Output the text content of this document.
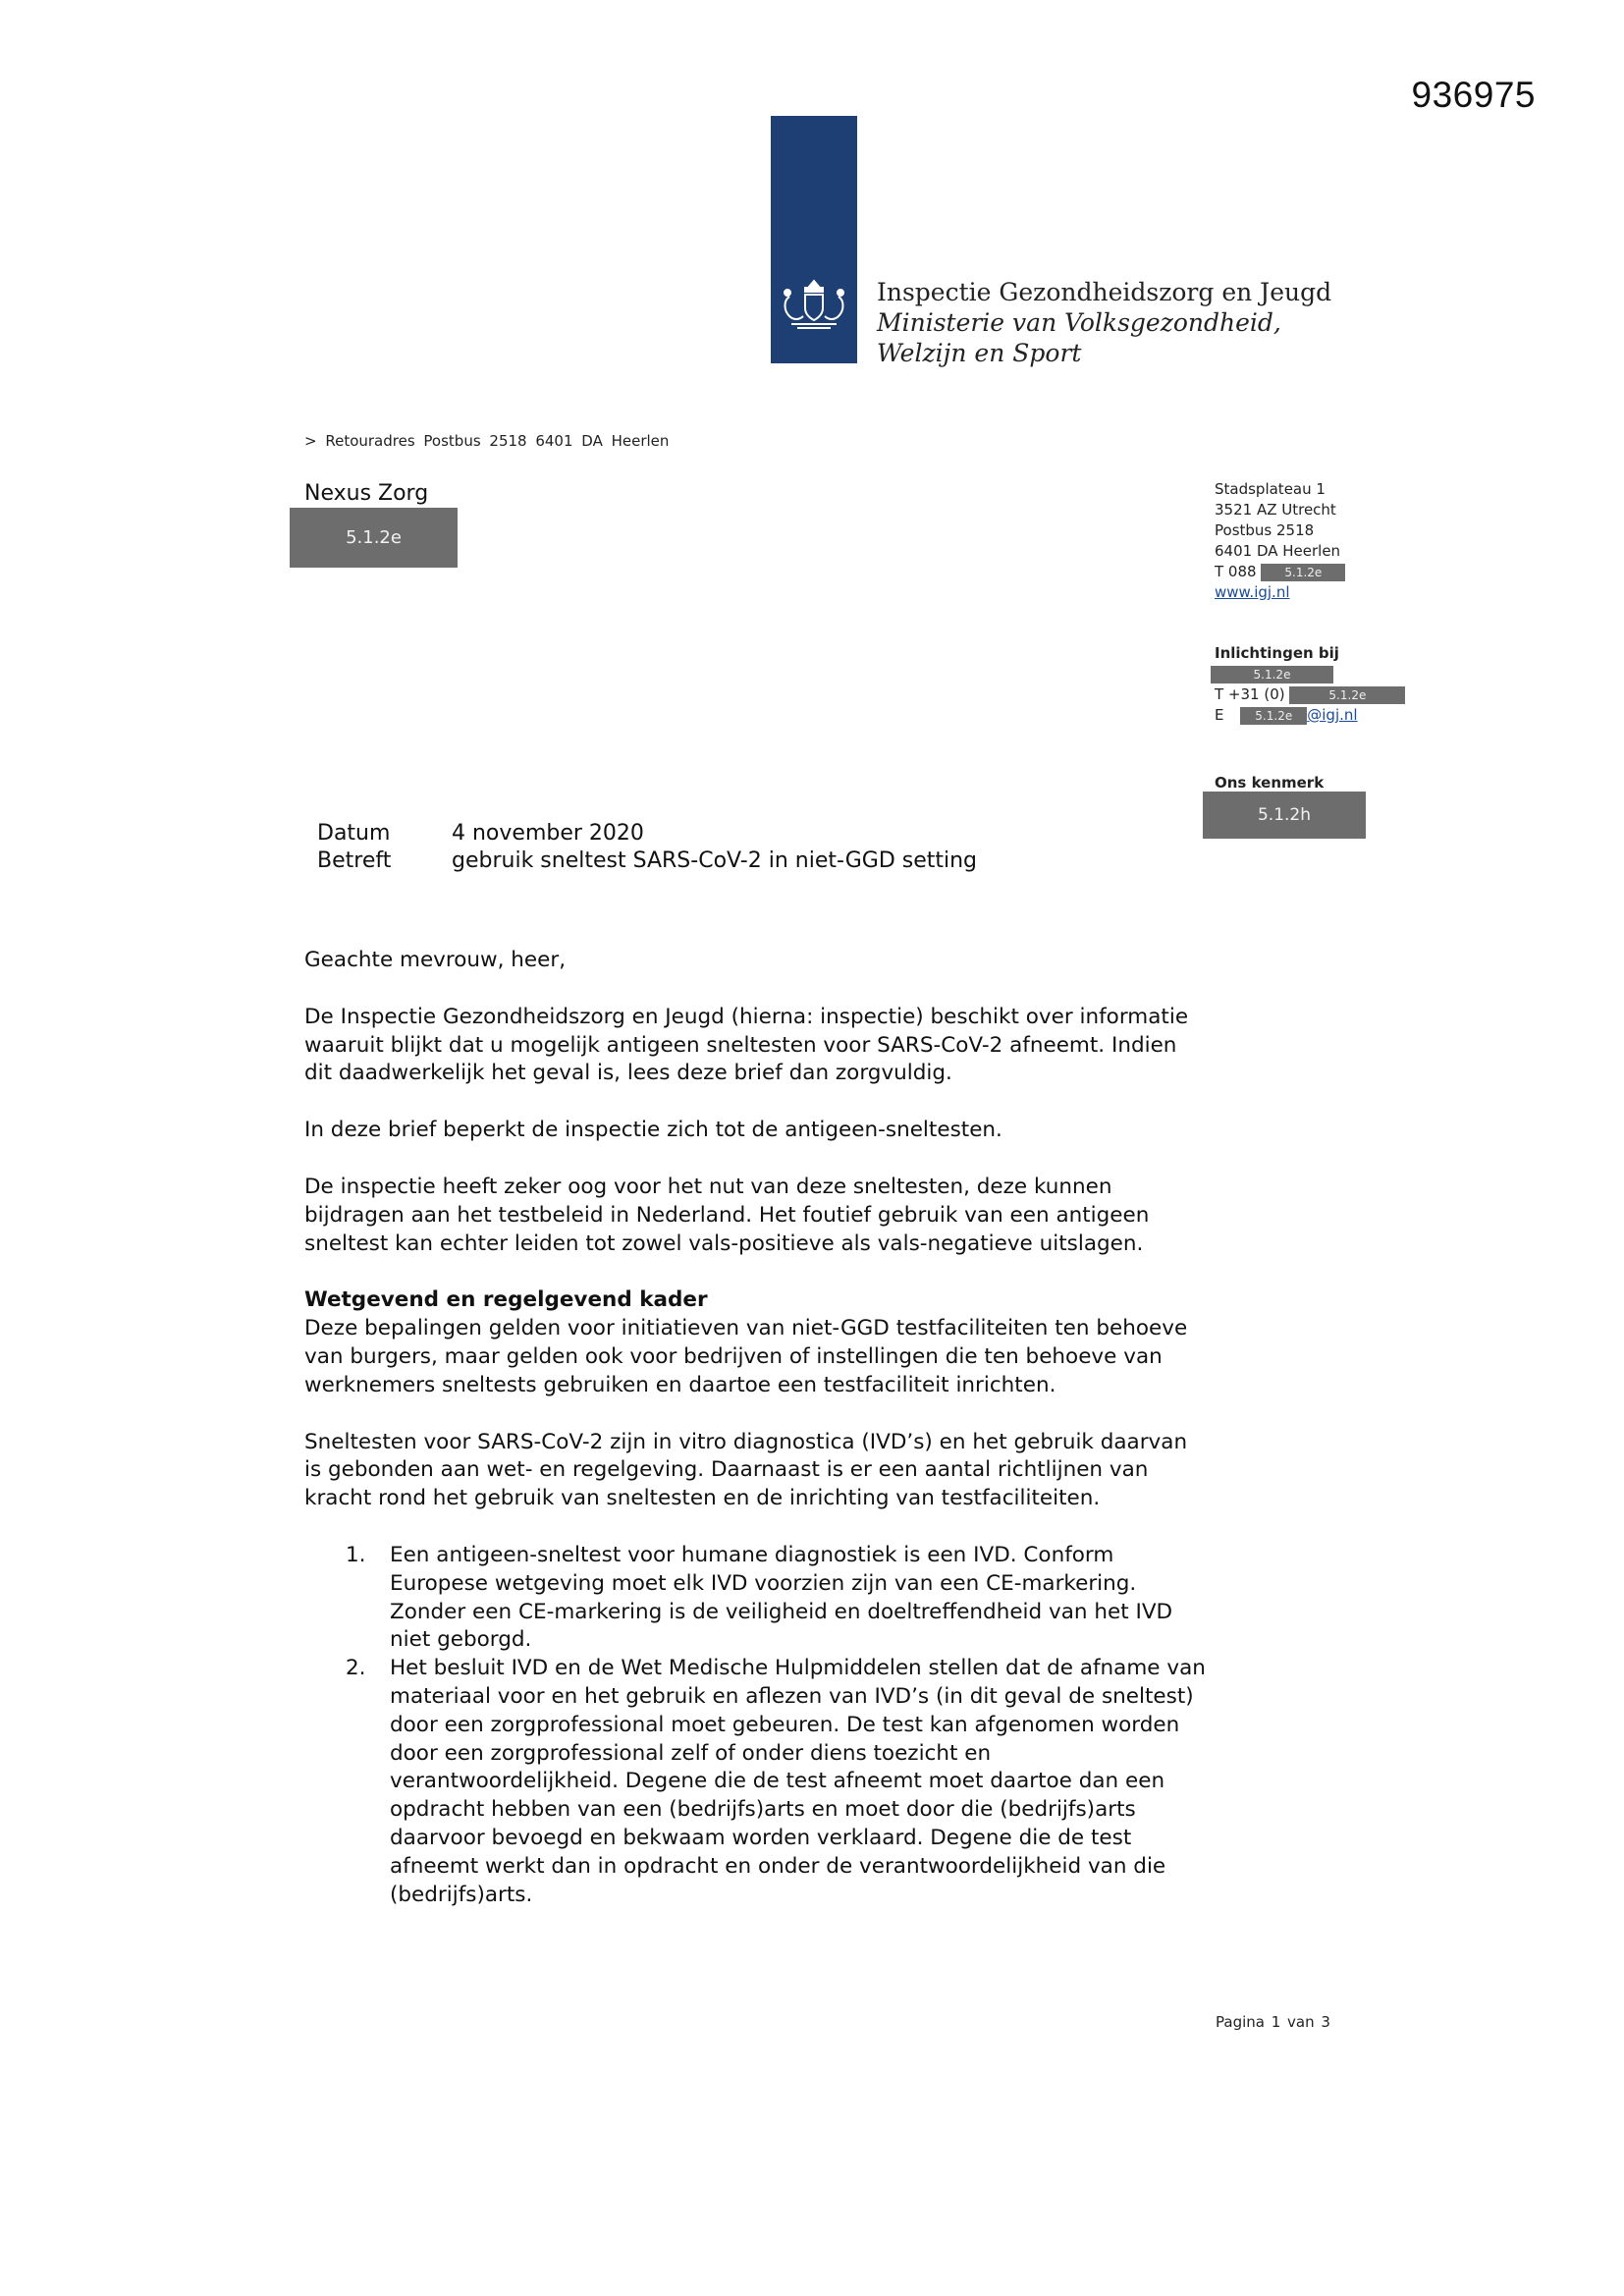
936975
Inspectie Gezondheidszorg en Jeugd
Ministerie van Volksgezondheid,
Welzijn en Sport
> Retouradres Postbus 2518 6401 DA Heerlen
Nexus Zorg
5.1.2e
Stadsplateau 1
3521 AZ Utrecht
Postbus 2518
6401 DA Heerlen
T 088 5.1.2e
www.igj.nl
Inlichtingen bij
5.1.2e
T +31 (0)	5.1.2e
E	5.1.2e @igj.nl
Ons kenmerk
5.1.2h
Datum	4 november 2020
Betreft	gebruik sneltest SARS-CoV-2 in niet-GGD setting

Geachte mevrouw, heer,

De Inspectie Gezondheidszorg en Jeugd (hierna: inspectie) beschikt over informatie waaruit blijkt dat u mogelijk antigeen sneltesten voor SARS-CoV-2 afneemt. Indien dit daadwerkelijk het geval is, lees deze brief dan zorgvuldig.

In deze brief beperkt de inspectie zich tot de antigeen-sneltesten.

De inspectie heeft zeker oog voor het nut van deze sneltesten, deze kunnen bijdragen aan het testbeleid in Nederland. Het foutief gebruik van een antigeen sneltest kan echter leiden tot zowel vals-positieve als vals-negatieve uitslagen.

Wetgevend en regelgevend kader

Deze bepalingen gelden voor initiatieven van niet-GGD testfaciliteiten ten behoeve van burgers, maar gelden ook voor bedrijven of instellingen die ten behoeve van werknemers sneltests gebruiken en daartoe een testfaciliteit inrichten.

Sneltesten voor SARS-CoV-2 zijn in vitro diagnostica (IVD’s) en het gebruik daarvan is gebonden aan wet- en regelgeving. Daarnaast is er een aantal richtlijnen van kracht rond het gebruik van sneltesten en de inrichting van testfaciliteiten.

1.	Een antigeen-sneltest voor humane diagnostiek is een IVD. Conform Europese wetgeving moet elk IVD voorzien zijn van een CE-markering. Zonder een CE-markering is de veiligheid en doeltreffendheid van het IVD niet geborgd.
2.	Het besluit IVD en de Wet Medische Hulpmiddelen stellen dat de afname van materiaal voor en het gebruik en aflezen van IVD’s (in dit geval de sneltest) door een zorgprofessional moet gebeuren. De test kan afgenomen worden door een zorgprofessional zelf of onder diens toezicht en verantwoordelijkheid. Degene die de test afneemt moet daartoe dan een opdracht hebben van een (bedrijfs)arts en moet door die (bedrijfs)arts daarvoor bevoegd en bekwaam worden verklaard. Degene die de test afneemt werkt dan in opdracht en onder de verantwoordelijkheid van die (bedrijfs)arts.
Pagina 1 van 3
